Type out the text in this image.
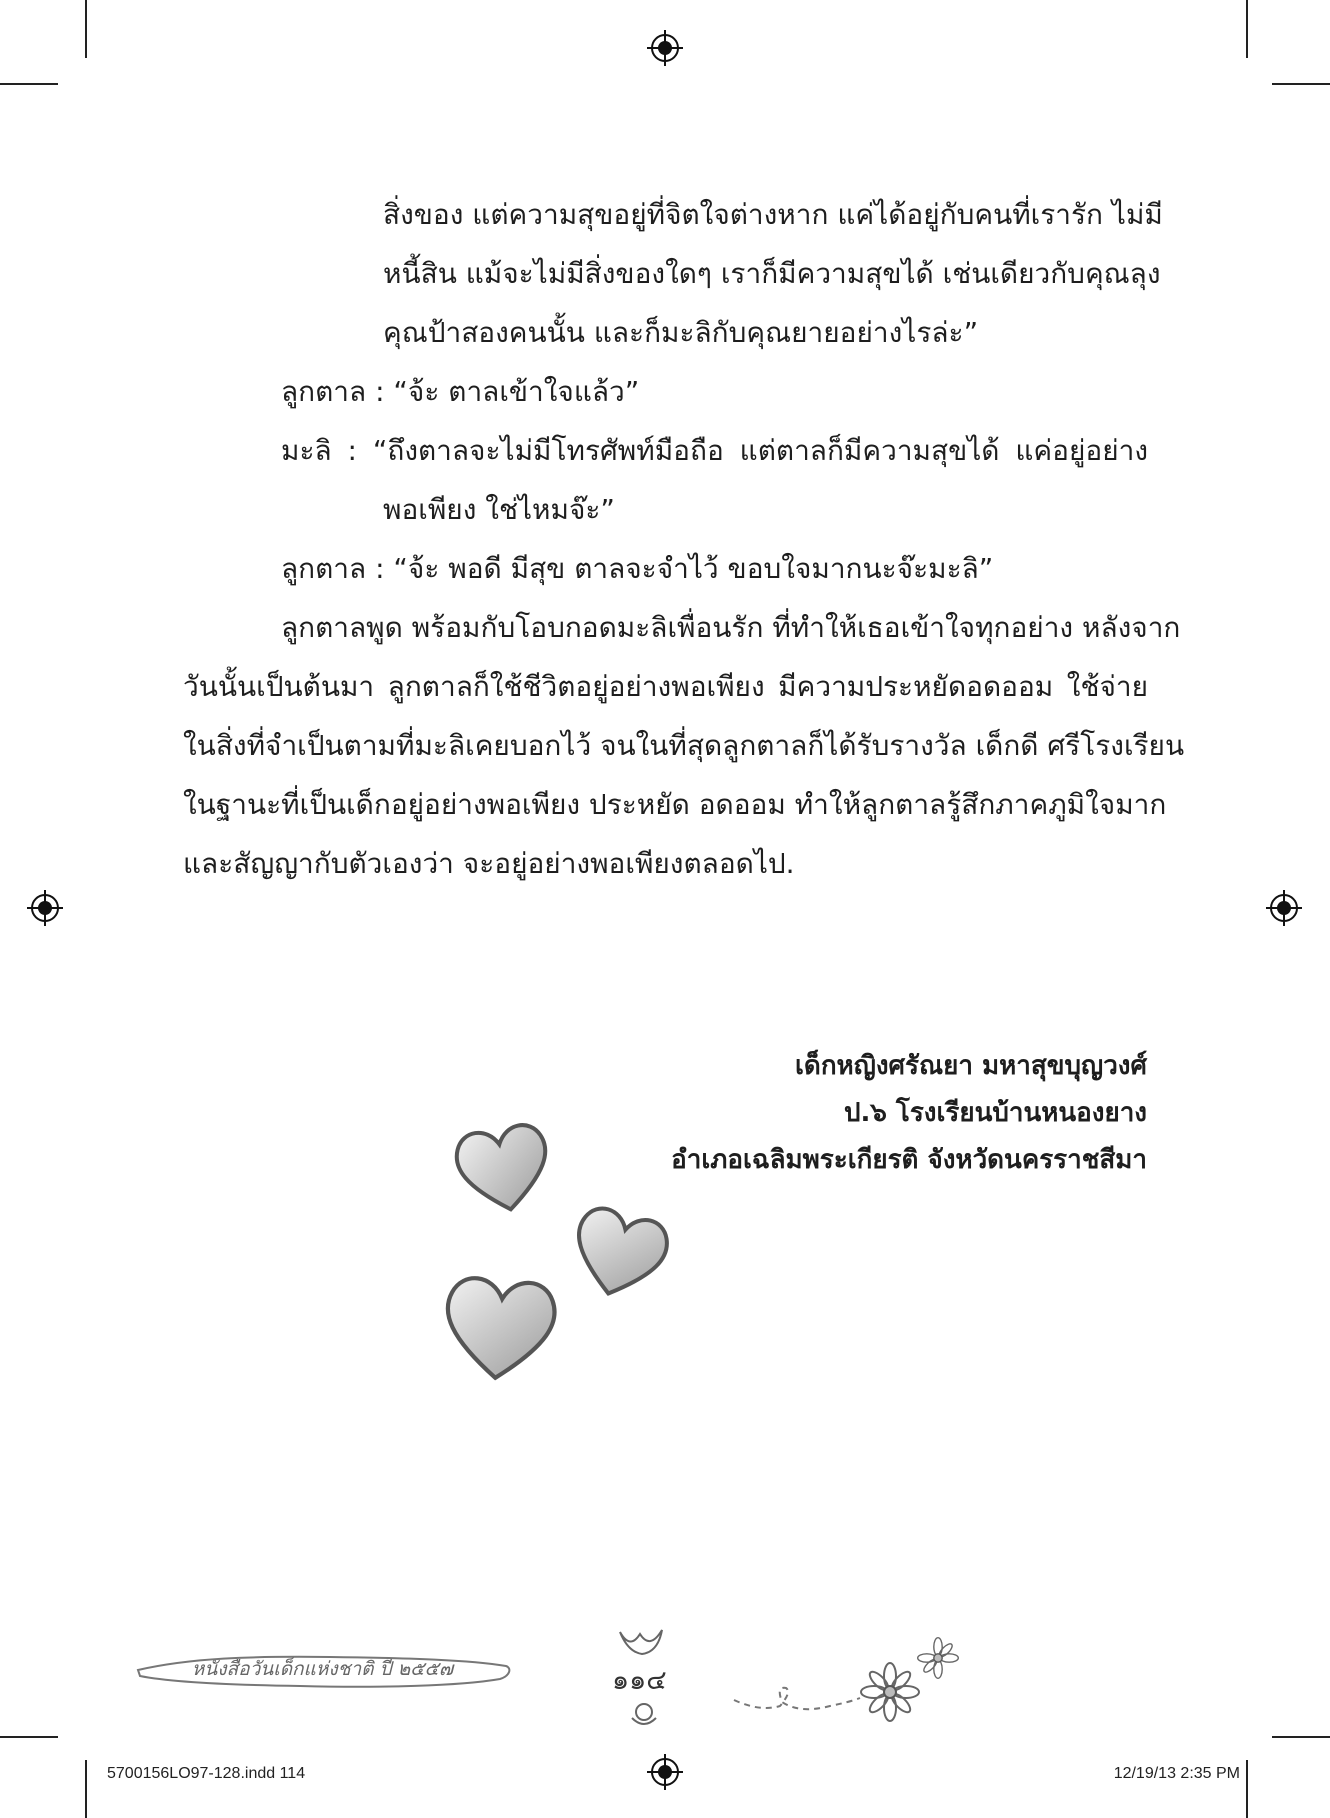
สิ่งของ แต่ความสุขอยู่ที่จิตใจต่างหาก แค่ได้อยู่กับคนที่เรารัก ไม่มี
หนี้สิน แม้จะไม่มีสิ่งของใดๆ เราก็มีความสุขได้ เช่นเดียวกับคุณลุง
คุณป้าสองคนนั้น และก็มะลิกับคุณยายอย่างไรล่ะ”
ลูกตาล : “จ้ะ ตาลเข้าใจแล้ว”
มะลิ : “ถึงตาลจะไม่มีโทรศัพท์มือถือ แต่ตาลก็มีความสุขได้ แค่อยู่อย่าง
พอเพียง ใช่ไหมจ๊ะ”
ลูกตาล : “จ้ะ พอดี มีสุข ตาลจะจำไว้ ขอบใจมากนะจ๊ะมะลิ”
ลูกตาลพูด พร้อมกับโอบกอดมะลิเพื่อนรัก ที่ทำให้เธอเข้าใจทุกอย่าง หลังจาก
วันนั้นเป็นต้นมา ลูกตาลก็ใช้ชีวิตอยู่อย่างพอเพียง มีความประหยัดอดออม ใช้จ่าย
ในสิ่งที่จำเป็นตามที่มะลิเคยบอกไว้ จนในที่สุดลูกตาลก็ได้รับรางวัล เด็กดี ศรีโรงเรียน
ในฐานะที่เป็นเด็กอยู่อย่างพอเพียง ประหยัด อดออม ทำให้ลูกตาลรู้สึกภาคภูมิใจมาก
และสัญญากับตัวเองว่า จะอยู่อย่างพอเพียงตลอดไป.
เด็กหญิงศรัณยา มหาสุขบุญวงศ์
ป.๖ โรงเรียนบ้านหนองยาง
อำเภอเฉลิมพระเกียรติ จังหวัดนครราชสีมา
หนังสือวันเด็กแห่งชาติ ปี ๒๕๕๗	๑๑๔
5700156LO97-128.indd 114	12/19/13 2:35 PM
